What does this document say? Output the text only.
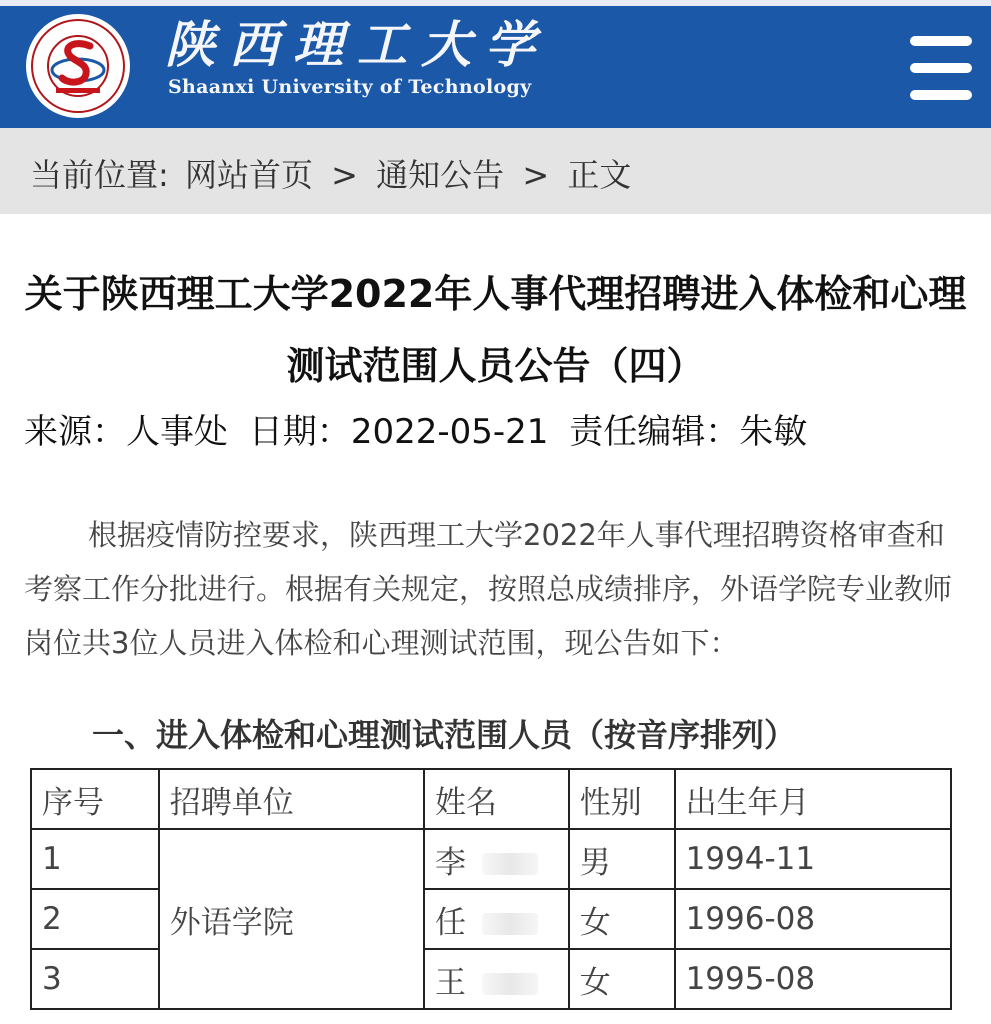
陕西理工大学
Shaanxi University of Technology
当前位置: 网站首页 > 通知公告 > 正文
关于陕西理工大学2022年人事代理招聘进入体检和心理测试范围人员公告（四）
来源：人事处 日期：2022-05-21 责任编辑：朱敏
根据疫情防控要求，陕西理工大学2022年人事代理招聘资格审查和考察工作分批进行。根据有关规定，按照总成绩排序，外语学院专业教师岗位共3位人员进入体检和心理测试范围，现公告如下：
一、进入体检和心理测试范围人员（按音序排列）
序号	招聘单位	姓名	性别	出生年月
1	外语学院	李	男	1994-11
2		任	女	1996-08
3		王	女	1995-08
